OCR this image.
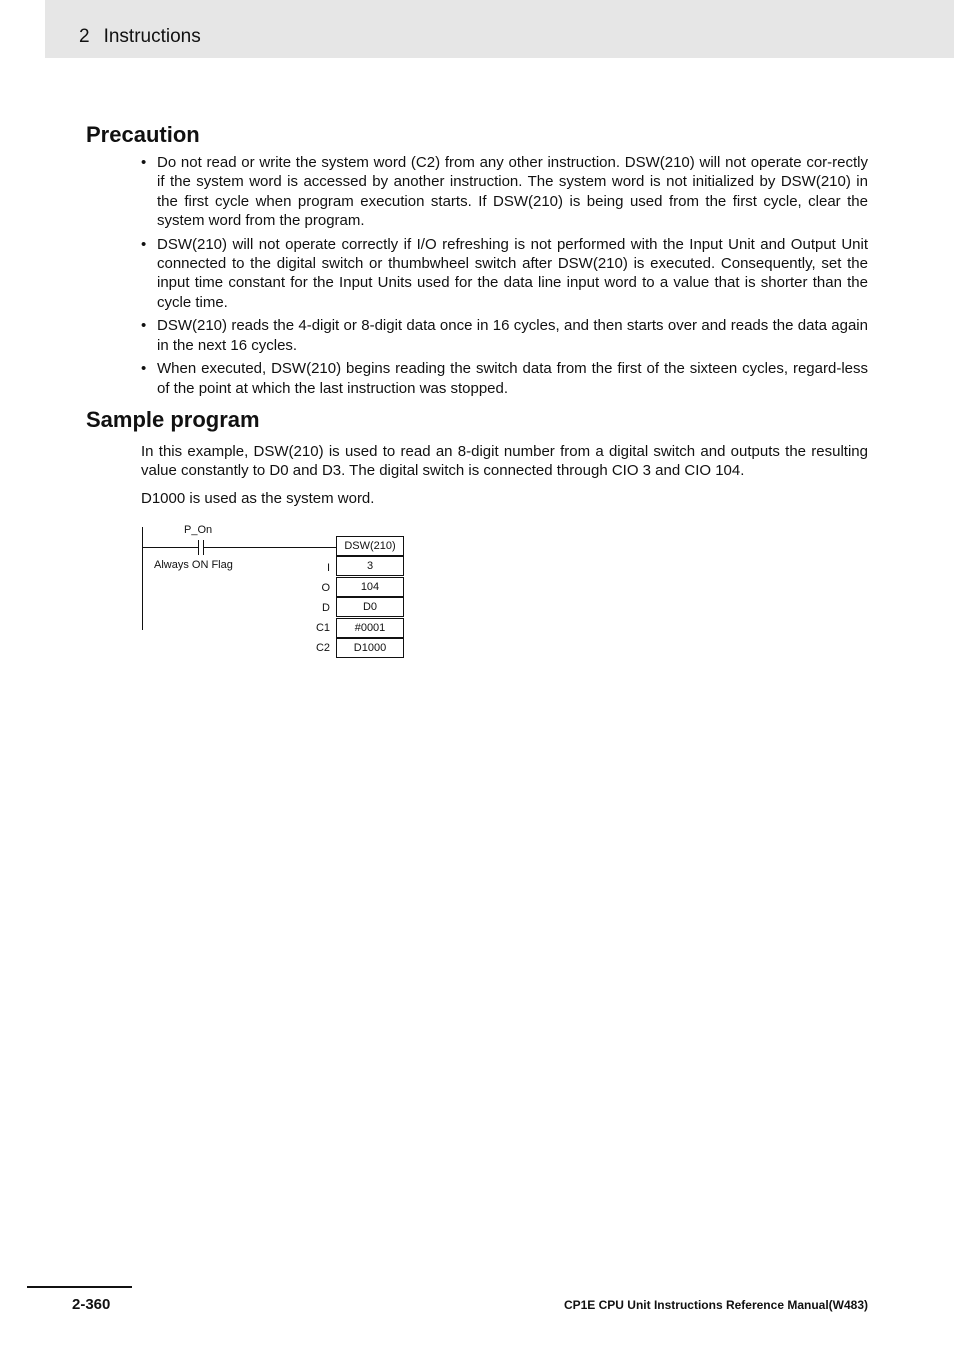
2 Instructions
Precaution
• Do not read or write the system word (C2) from any other instruction. DSW(210) will not operate cor-rectly if the system word is accessed by another instruction. The system word is not initialized by DSW(210) in the first cycle when program execution starts. If DSW(210) is being used from the first cycle, clear the system word from the program.
• DSW(210) will not operate correctly if I/O refreshing is not performed with the Input Unit and Output Unit connected to the digital switch or thumbwheel switch after DSW(210) is executed. Consequently, set the input time constant for the Input Units used for the data line input word to a value that is shorter than the cycle time.
• DSW(210) reads the 4-digit or 8-digit data once in 16 cycles, and then starts over and reads the data again in the next 16 cycles.
• When executed, DSW(210) begins reading the switch data from the first of the sixteen cycles, regard-less of the point at which the last instruction was stopped.
Sample program

In this example, DSW(210) is used to read an 8-digit number from a digital switch and outputs the resulting value constantly to D0 and D3. The digital switch is connected through CIO 3 and CIO 104.

D1000 is used as the system word.

P_On
Always ON Flag
DSW(210)
I	3
O	104
D	D0
C1	#0001
C2	D1000
2-360	CP1E CPU Unit Instructions Reference Manual(W483)
